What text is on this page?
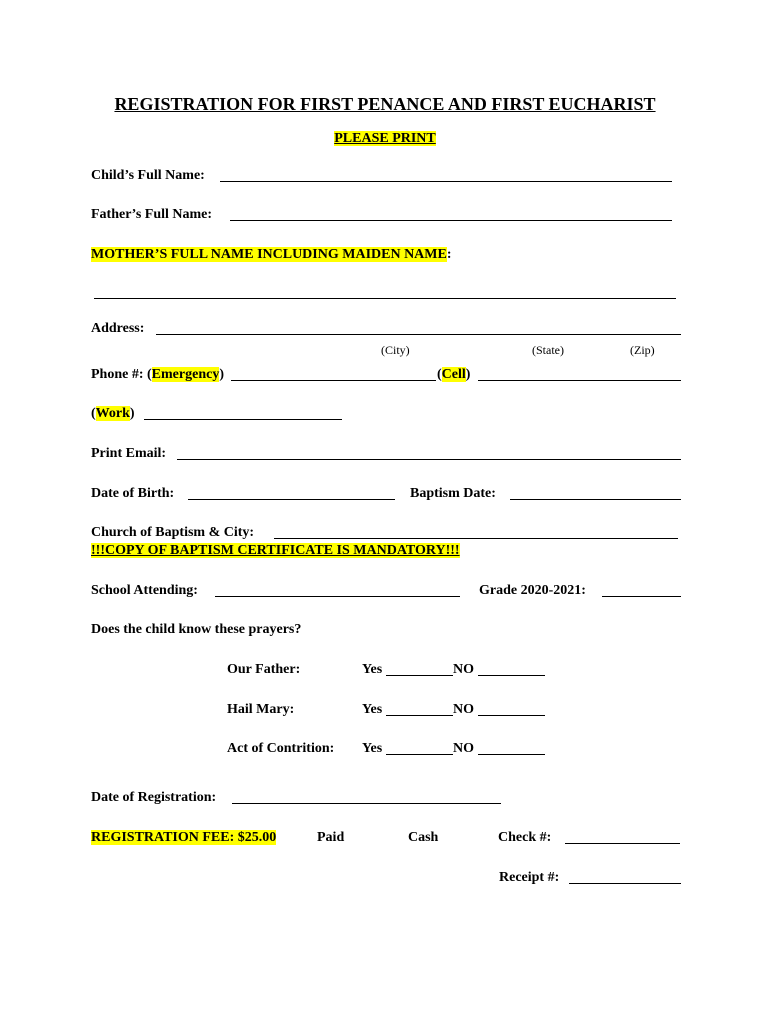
REGISTRATION FOR FIRST PENANCE AND FIRST EUCHARIST
PLEASE PRINT
Child’s Full Name:
Father’s Full Name:
MOTHER’S FULL NAME INCLUDING MAIDEN NAME:
Address:
(City)	(State)	(Zip)
Phone #: (Emergency)	(Cell)
(Work)
Print Email:
Date of Birth:	Baptism Date:
Church of Baptism & City:
!!!COPY OF BAPTISM CERTIFICATE IS MANDATORY!!!
School Attending:	Grade 2020-2021:
Does the child know these prayers?
Our Father:	Yes	NO
Hail Mary:	Yes	NO
Act of Contrition: Yes	NO
Date of Registration:
REGISTRATION FEE: $25.00	Paid	Cash	Check #:
Receipt #:
